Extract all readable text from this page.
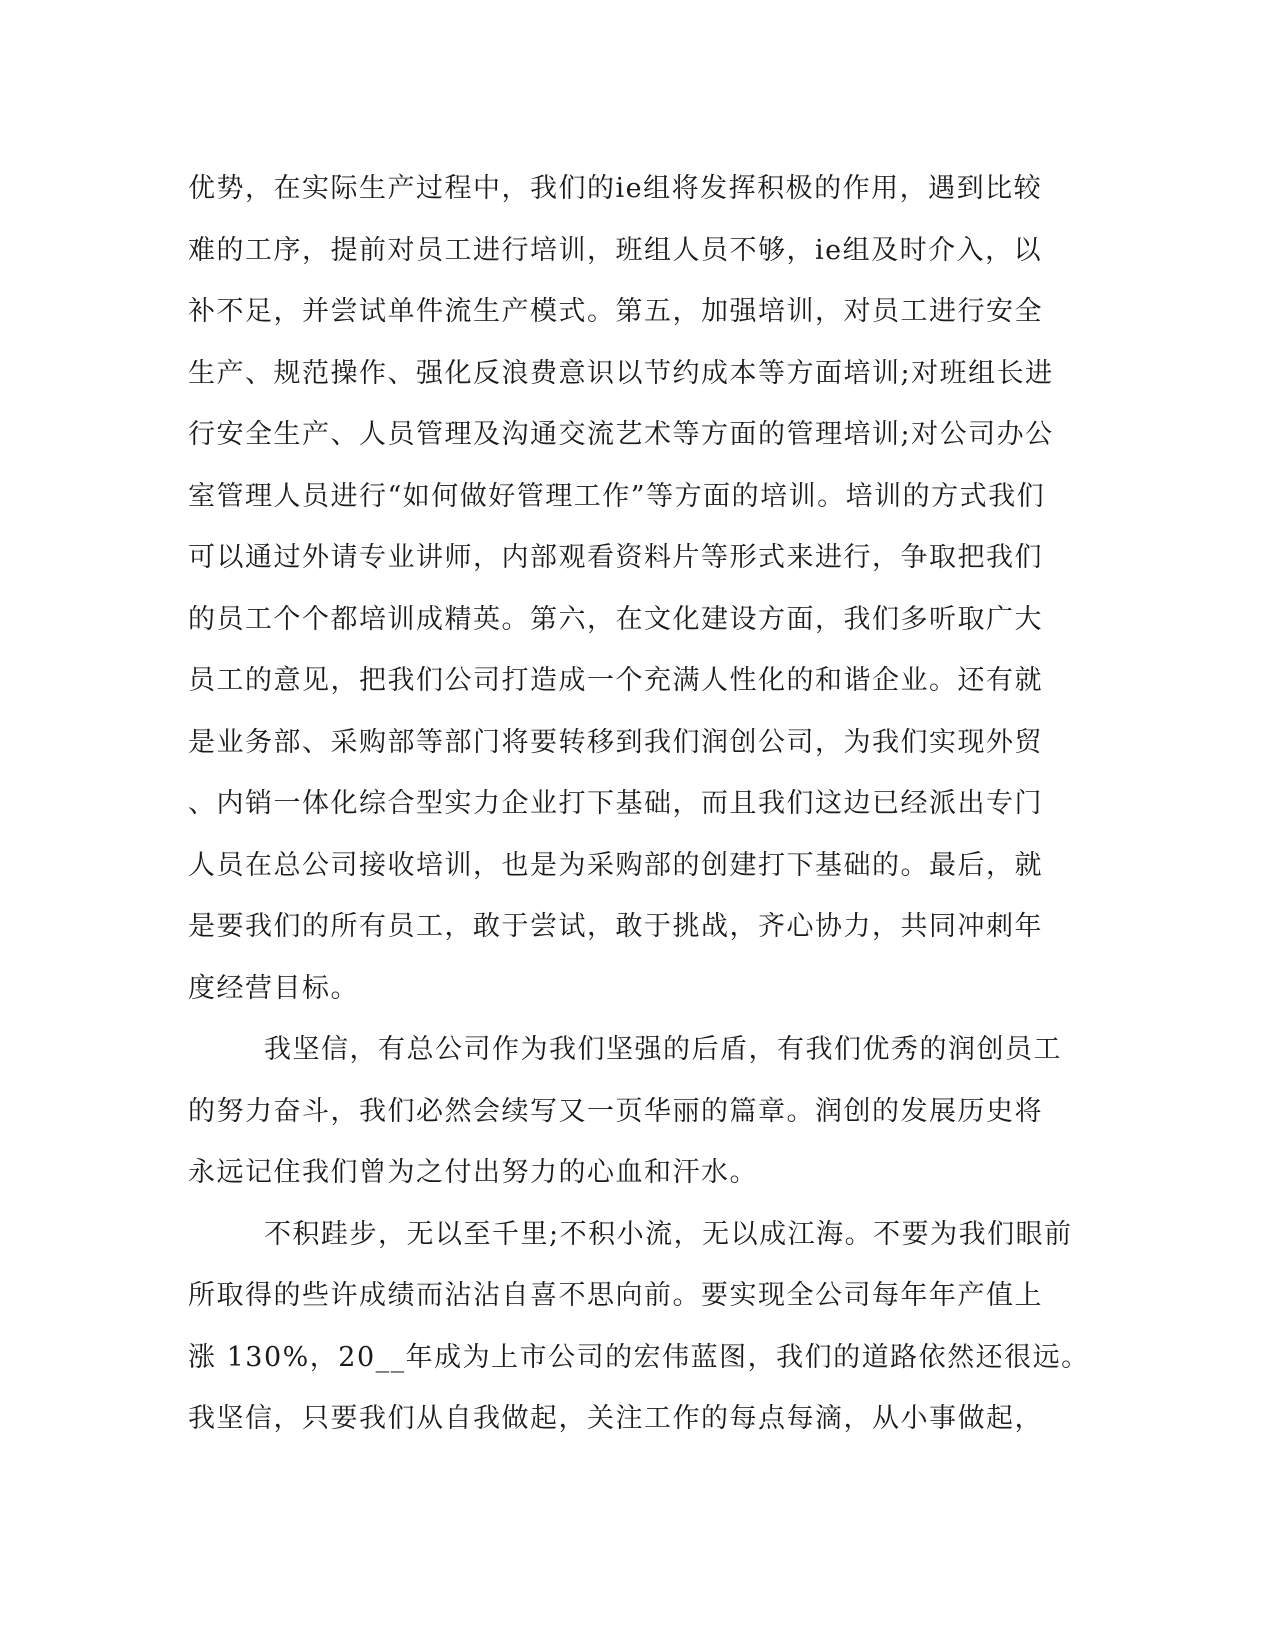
优势，在实际生产过程中，我们的ie组将发挥积极的作用，遇到比较
难的工序，提前对员工进行培训，班组人员不够，ie组及时介入，以
补不足，并尝试单件流生产模式。第五，加强培训，对员工进行安全
生产、规范操作、强化反浪费意识以节约成本等方面培训;对班组长进
行安全生产、人员管理及沟通交流艺术等方面的管理培训;对公司办公
室管理人员进行“如何做好管理工作”等方面的培训。培训的方式我们
可以通过外请专业讲师，内部观看资料片等形式来进行，争取把我们
的员工个个都培训成精英。第六，在文化建设方面，我们多听取广大
员工的意见，把我们公司打造成一个充满人性化的和谐企业。还有就
是业务部、采购部等部门将要转移到我们润创公司，为我们实现外贸
、内销一体化综合型实力企业打下基础，而且我们这边已经派出专门
人员在总公司接收培训，也是为采购部的创建打下基础的。最后，就
是要我们的所有员工，敢于尝试，敢于挑战，齐心协力，共同冲刺年
度经营目标。
我坚信，有总公司作为我们坚强的后盾，有我们优秀的润创员工
的努力奋斗，我们必然会续写又一页华丽的篇章。润创的发展历史将
永远记住我们曾为之付出努力的心血和汗水。
不积跬步，无以至千里;不积小流，无以成江海。不要为我们眼前
所取得的些许成绩而沾沾自喜不思向前。要实现全公司每年年产值上
涨 130%，20__年成为上市公司的宏伟蓝图，我们的道路依然还很远。
我坚信，只要我们从自我做起，关注工作的每点每滴，从小事做起，
